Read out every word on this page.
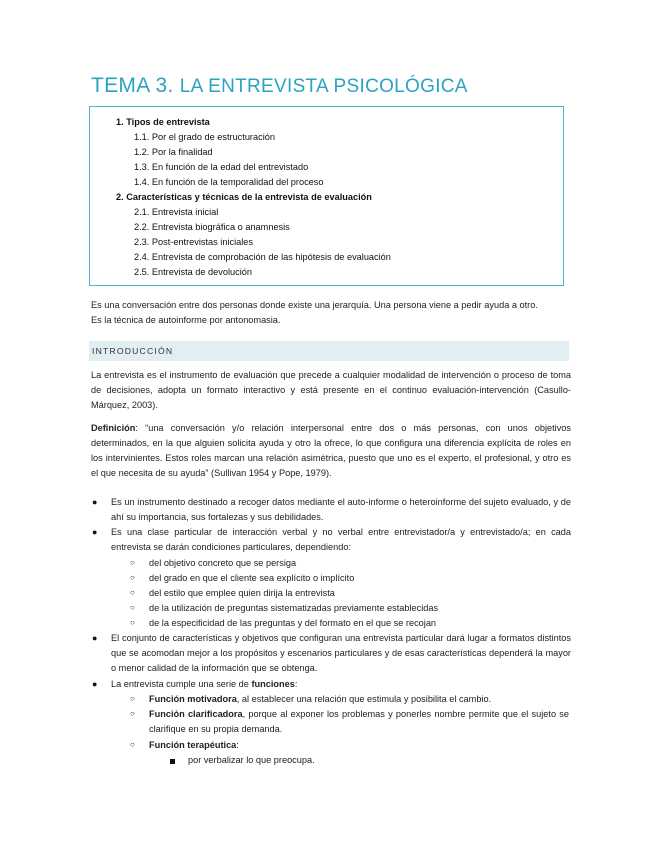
TEMA 3. LA ENTREVISTA PSICOLÓGICA
1. Tipos de entrevista
1.1. Por el grado de estructuración
1.2. Por la finalidad
1.3. En función de la edad del entrevistado
1.4. En función de la temporalidad del proceso
2. Características y técnicas de la entrevista de evaluación
2.1. Entrevista inicial
2.2. Entrevista biográfica o anamnesis
2.3. Post-entrevistas iniciales
2.4. Entrevista de comprobación de las hipótesis de evaluación
2.5. Entrevista de devolución
Es una conversación entre dos personas donde existe una jerarquía. Una persona viene a pedir ayuda a otro.
Es la técnica de autoinforme por antonomasia.
INTRODUCCIÓN
La entrevista es el instrumento de evaluación que precede a cualquier modalidad de intervención o proceso de toma de decisiones, adopta un formato interactivo y está presente en el continuo evaluación-intervención (Casullo-Márquez, 2003).
Definición: “una conversación y/o relación interpersonal entre dos o más personas, con unos objetivos determinados, en la que alguien solicita ayuda y otro la ofrece, lo que configura una diferencia explícita de roles en los intervinientes. Estos roles marcan una relación asimétrica, puesto que uno es el experto, el profesional, y otro es el que necesita de su ayuda” (Sullivan 1954 y Pope, 1979).
● Es un instrumento destinado a recoger datos mediante el auto-informe o heteroinforme del sujeto evaluado, y de ahí su importancia, sus fortalezas y sus debilidades.
● Es una clase particular de interacción verbal y no verbal entre entrevistador/a y entrevistado/a; en cada entrevista se darán condiciones particulares, dependiendo:
○ del objetivo concreto que se persiga
○ del grado en que el cliente sea explícito o implícito
○ del estilo que emplee quien dirija la entrevista
○ de la utilización de preguntas sistematizadas previamente establecidas
○ de la especificidad de las preguntas y del formato en el que se recojan
● El conjunto de características y objetivos que configuran una entrevista particular dará lugar a formatos distintos que se acomodan mejor a los propósitos y escenarios particulares y de esas características dependerá la mayor o menor calidad de la información que se obtenga.
● La entrevista cumple una serie de funciones:
○ Función motivadora, al establecer una relación que estimula y posibilita el cambio.
○ Función clarificadora, porque al exponer los problemas y ponerles nombre permite que el sujeto se clarifique en su propia demanda.
○ Función terapéutica:
por verbalizar lo que preocupa.
